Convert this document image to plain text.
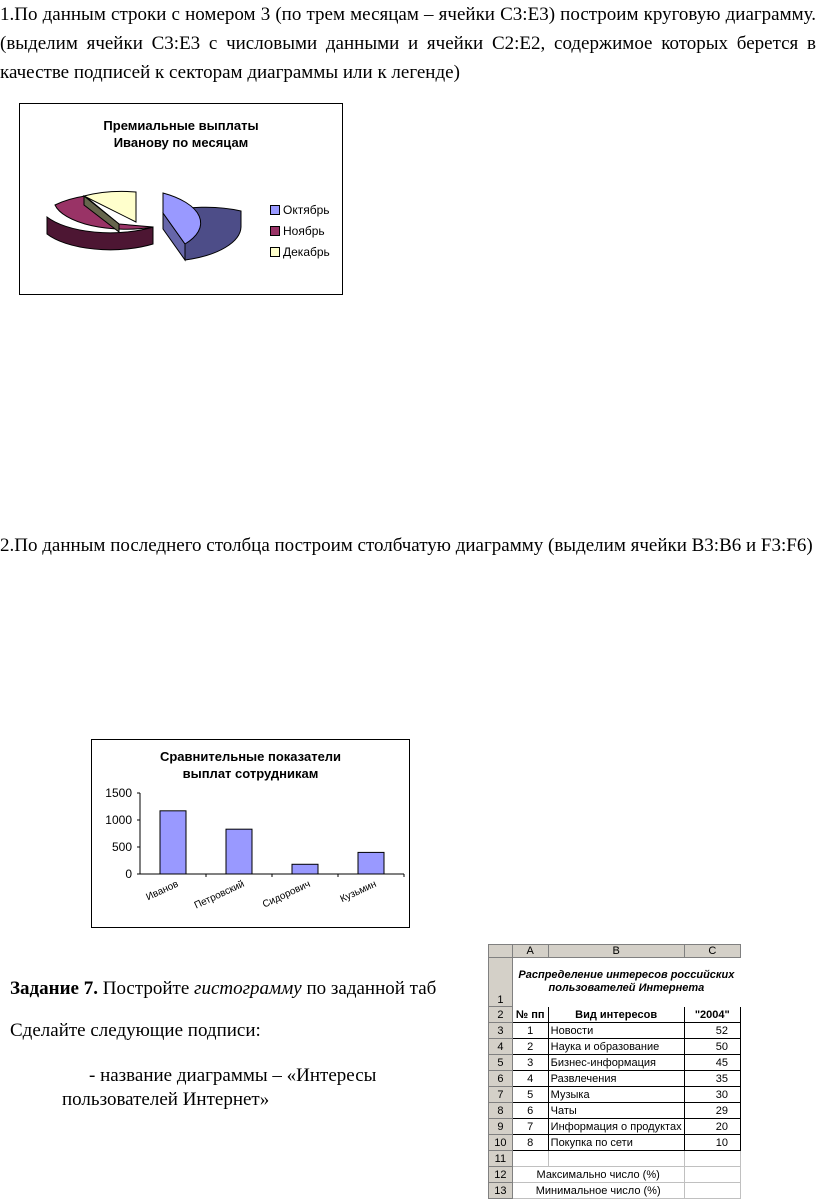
1.По данным строки с номером 3 (по трем месяцам – ячейки C3:E3) построим круговую диаграмму. (выделим ячейки C3:E3 с числовыми данными и ячейки С2:Е2, содержимое которых берется в качестве подписей к секторам диаграммы или к легенде)
Премиальные выплаты
Иванову по месяцам
Октябрь
Ноябрь
Декабрь
2.По данным последнего столбца построим столбчатую диаграмму (выделим ячейки B3:B6 и F3:F6)
Сравнительные показатели
выплат сотрудникам
0
500
1000
1500
Иванов Петровский Сидорович	Кузьмин
Задание 7. Постройте гистограмму по заданной таб
Сделайте следующие подписи:
- название диаграммы – «Интересы
пользователей Интернет»
	A	B	C
1	Распределение интересов российских пользователей Интернета		
2	№ пп	Вид интересов	"2004"
3	1	Новости	52
4	2	Наука и образование	50
5	3	Бизнес-информация	45
6	4	Развлечения	35
7	5	Музыка	30
8	6	Чаты	29
9	7	Информация о продуктах	20
10	8	Покупка по сети	10
11			
12	Максимально число (%)		
13	Минимальное число (%)		
